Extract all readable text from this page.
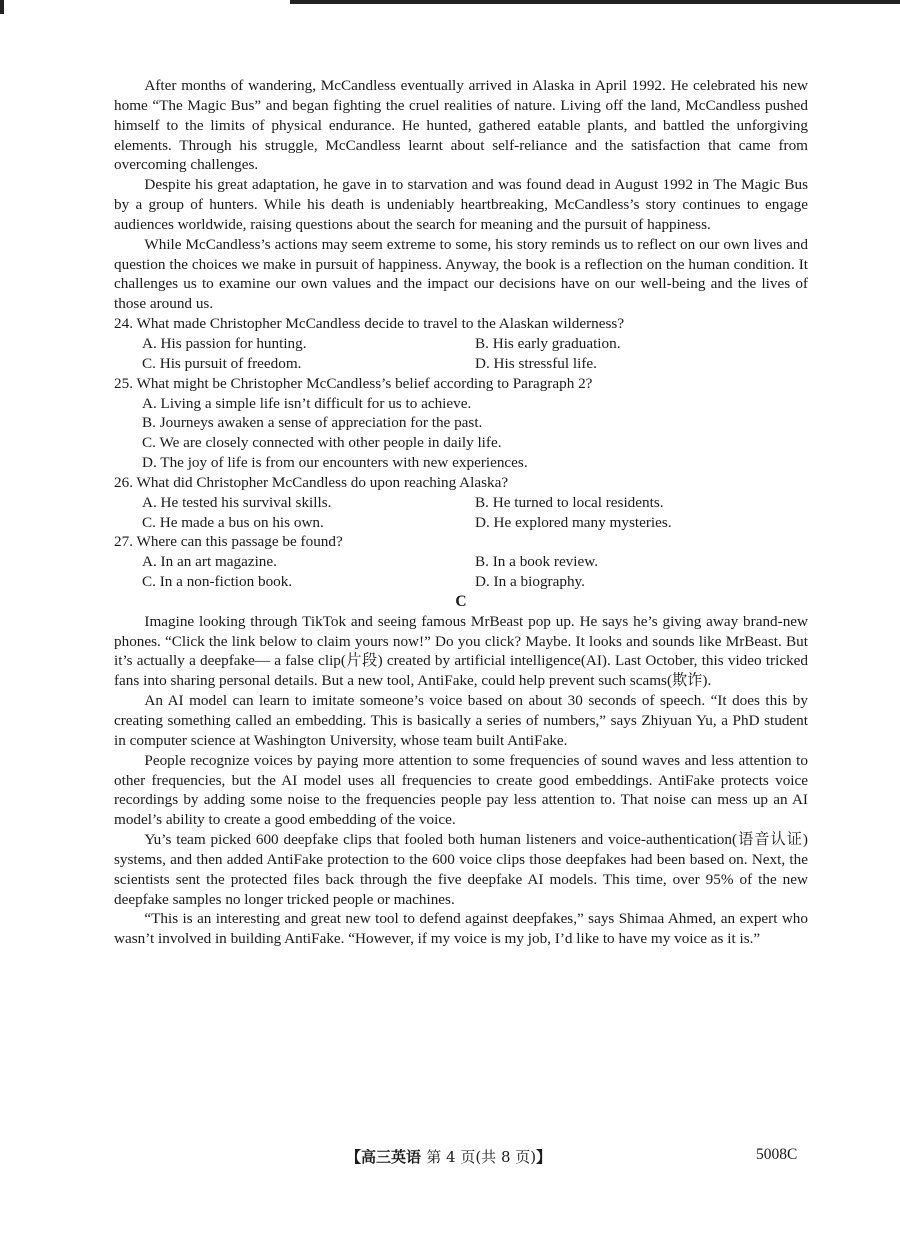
After months of wandering, McCandless eventually arrived in Alaska in April 1992. He celebrated his new home “The Magic Bus” and began fighting the cruel realities of nature. Living off the land, McCandless pushed himself to the limits of physical endurance. He hunted, gathered eatable plants, and battled the unforgiving elements. Through his struggle, McCandless learnt about self-reliance and the satisfaction that came from overcoming challenges.

Despite his great adaptation, he gave in to starvation and was found dead in August 1992 in The Magic Bus by a group of hunters. While his death is undeniably heartbreaking, McCandless’s story continues to engage audiences worldwide, raising questions about the search for meaning and the pursuit of happiness.

While McCandless’s actions may seem extreme to some, his story reminds us to reflect on our own lives and question the choices we make in pursuit of happiness. Anyway, the book is a reflection on the human condition. It challenges us to examine our own values and the impact our decisions have on our well-being and the lives of those around us.

24. What made Christopher McCandless decide to travel to the Alaskan wilderness?
A. His passion for hunting.	B. His early graduation.
C. His pursuit of freedom.	D. His stressful life.
25. What might be Christopher McCandless’s belief according to Paragraph 2?
A. Living a simple life isn’t difficult for us to achieve.
B. Journeys awaken a sense of appreciation for the past.
C. We are closely connected with other people in daily life.
D. The joy of life is from our encounters with new experiences.
26. What did Christopher McCandless do upon reaching Alaska?
A. He tested his survival skills.	B. He turned to local residents.
C. He made a bus on his own.	D. He explored many mysteries.
27. Where can this passage be found?
A. In an art magazine.	B. In a book review.
C. In a non-fiction book.	D. In a biography.
C

Imagine looking through TikTok and seeing famous MrBeast pop up. He says he’s giving away brand-new phones. “Click the link below to claim yours now!” Do you click? Maybe. It looks and sounds like MrBeast. But it’s actually a deepfake— a false clip(片段) created by artificial intelligence(AI). Last October, this video tricked fans into sharing personal details. But a new tool, AntiFake, could help prevent such scams(欺诈).

An AI model can learn to imitate someone’s voice based on about 30 seconds of speech. “It does this by creating something called an embedding. This is basically a series of numbers,” says Zhiyuan Yu, a PhD student in computer science at Washington University, whose team built AntiFake.

People recognize voices by paying more attention to some frequencies of sound waves and less attention to other frequencies, but the AI model uses all frequencies to create good embeddings. AntiFake protects voice recordings by adding some noise to the frequencies people pay less attention to. That noise can mess up an AI model’s ability to create a good embedding of the voice.

Yu’s team picked 600 deepfake clips that fooled both human listeners and voice-authentication(语音认证) systems, and then added AntiFake protection to the 600 voice clips those deepfakes had been based on. Next, the scientists sent the protected files back through the five deepfake AI models. This time, over 95% of the new deepfake samples no longer tricked people or machines.

“This is an interesting and great new tool to defend against deepfakes,” says Shimaa Ahmed, an expert who wasn’t involved in building AntiFake. “However, if my voice is my job, I’d like to have my voice as it is.”

【高三英语 第 4 页(共 8 页)】	5008C
